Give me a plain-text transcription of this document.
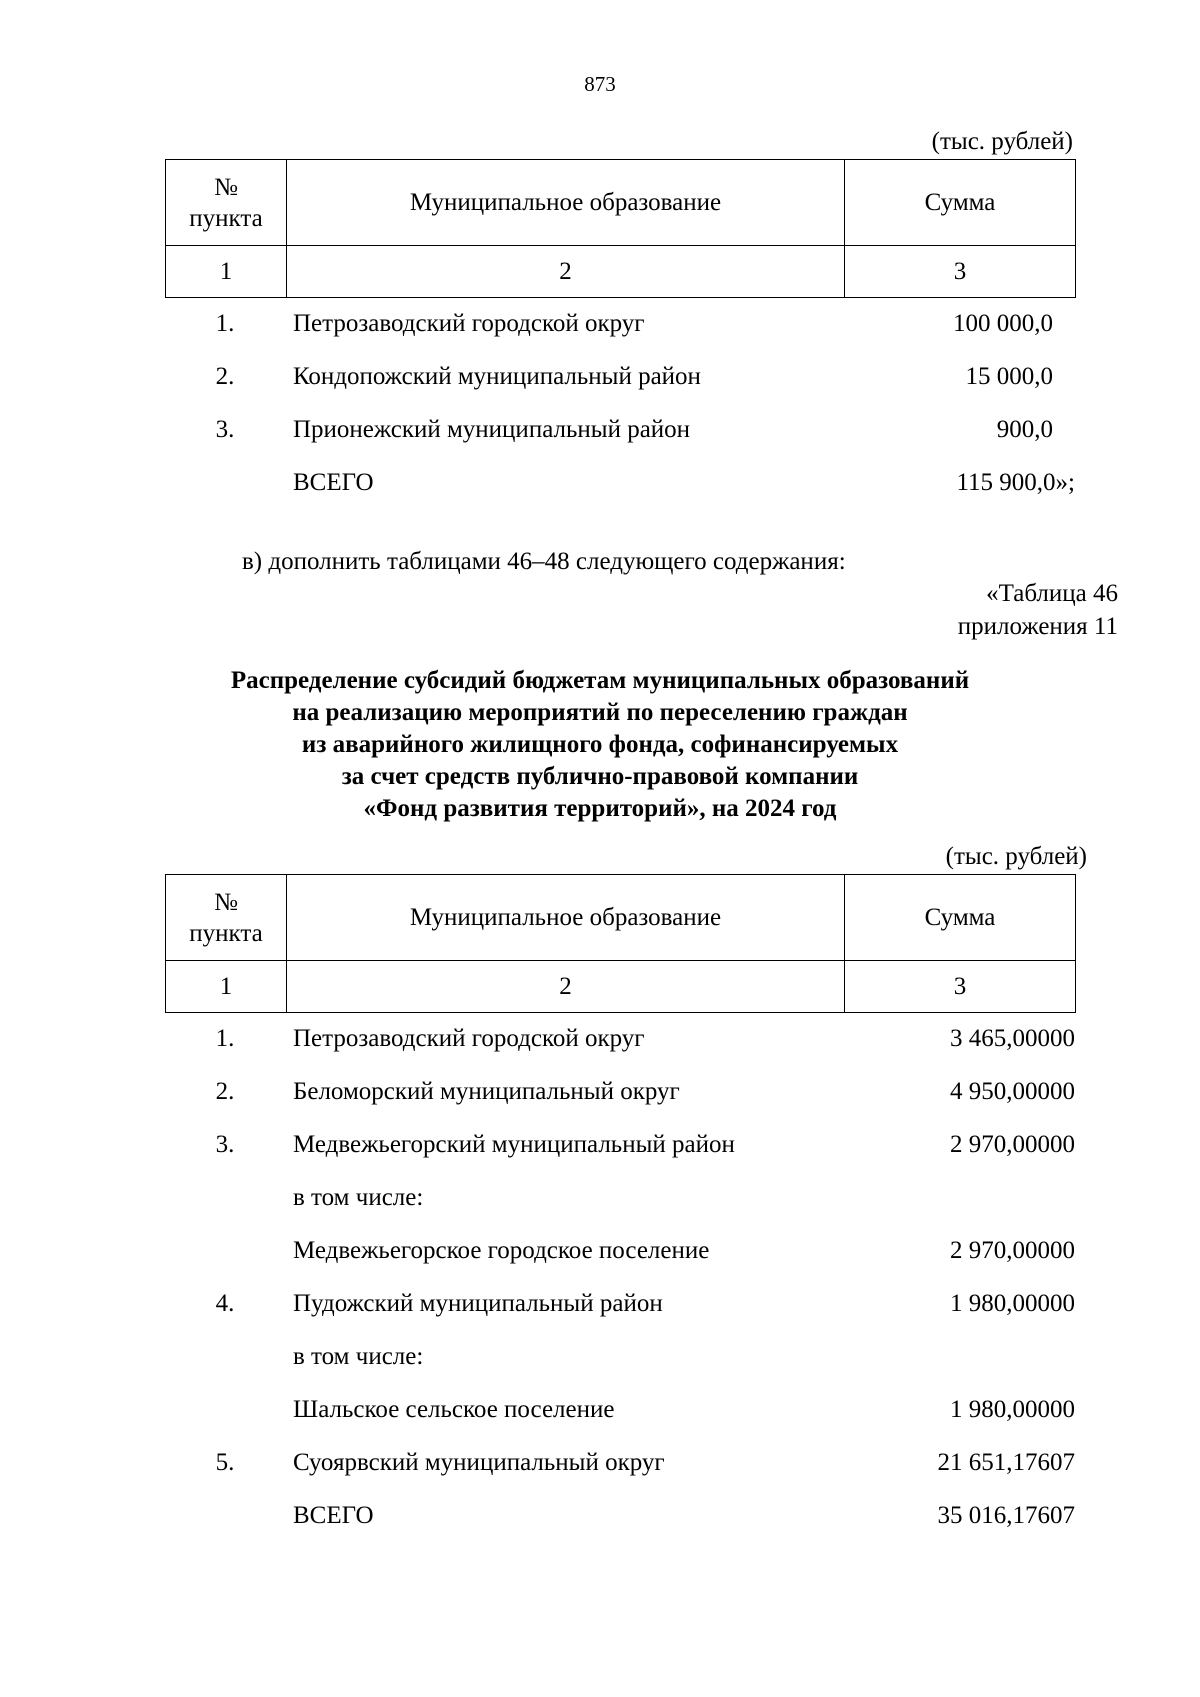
873
(тыс. рублей)
№
пункта	Муниципальное образование	Сумма
1	2	3
1.	Петрозаводский городской округ	100 000,0
2.	Кондопожский муниципальный район	15 000,0
3.	Прионежский муниципальный район	900,0
ВСЕГО	115 900,0»;
в) дополнить таблицами 46–48 следующего содержания:
«Таблица 46
приложения 11
Распределение субсидий бюджетам муниципальных образований
на реализацию мероприятий по переселению граждан
из аварийного жилищного фонда, софинансируемых
за счет средств публично-правовой компании
«Фонд развития территорий», на 2024 год
(тыс. рублей)
№
пункта	Муниципальное образование	Сумма
1	2	3
1.	Петрозаводский городской округ	3 465,00000
2.	Беломорский муниципальный округ	4 950,00000
3.	Медвежьегорский муниципальный район	2 970,00000
в том числе:
Медвежьегорское городское поселение	2 970,00000
4.	Пудожский муниципальный район	1 980,00000
в том числе:
Шальское сельское поселение	1 980,00000
5.	Суоярвский муниципальный округ	21 651,17607
ВСЕГО	35 016,17607
